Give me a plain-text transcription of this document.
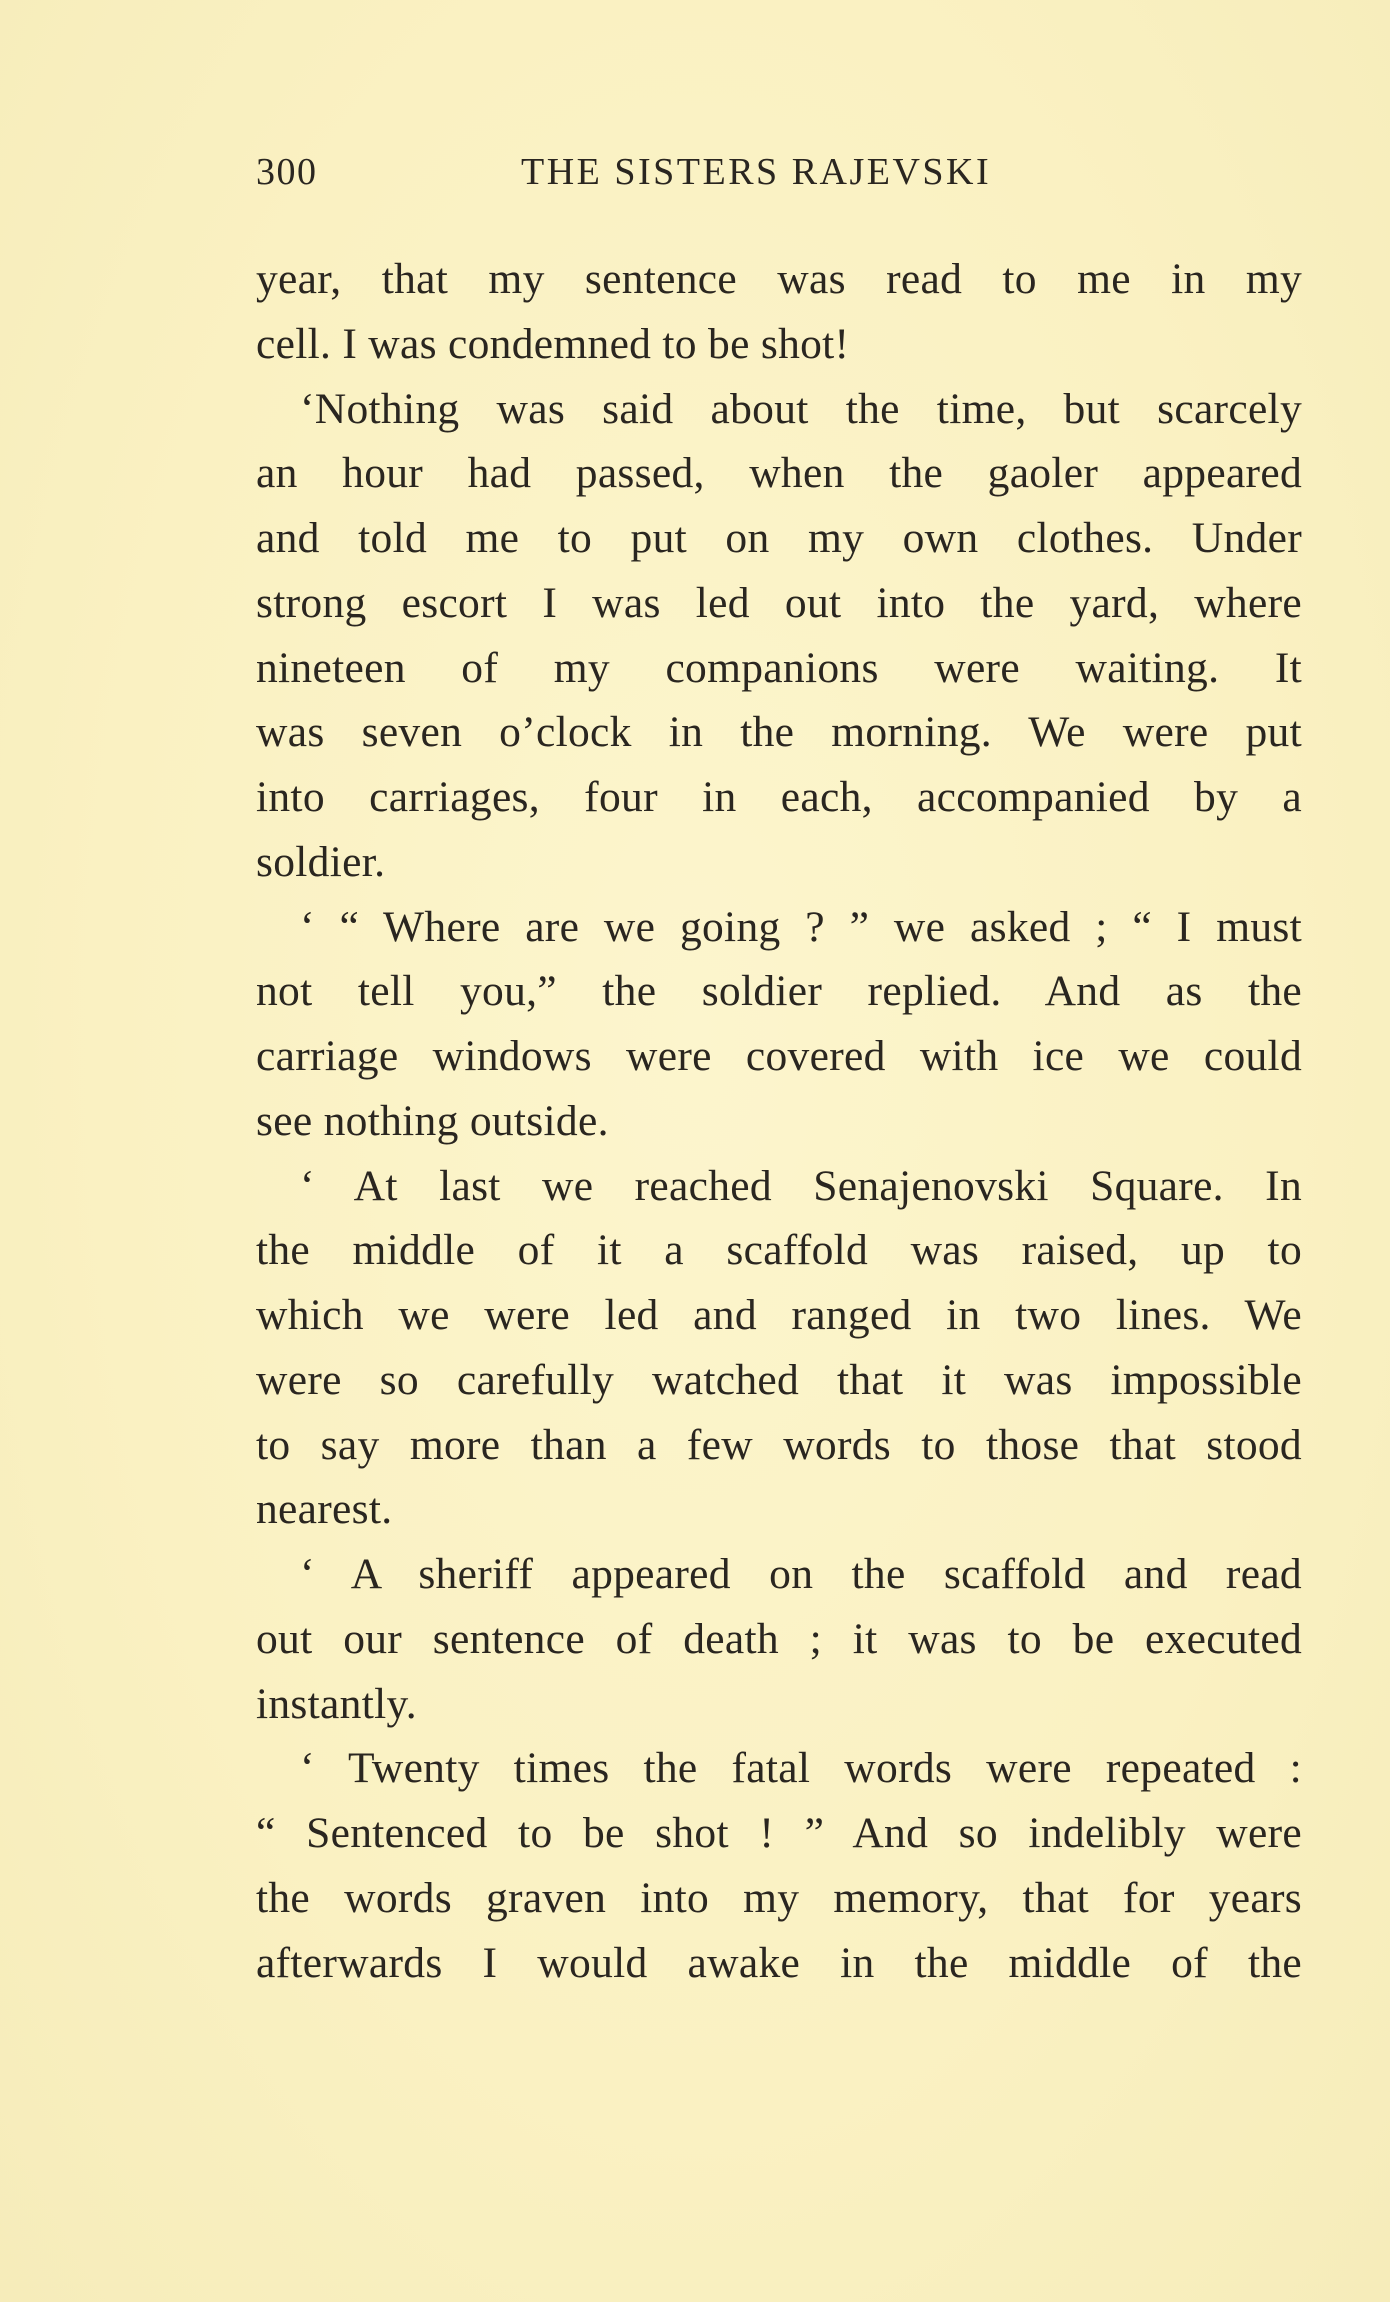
300	THE SISTERS RAJEVSKI
year, that my sentence was read to me in my
cell. I was condemned to be shot!
‘Nothing was said about the time, but scarcely
an hour had passed, when the gaoler appeared
and told me to put on my own clothes. Under
strong escort I was led out into the yard, where
nineteen of my companions were waiting. It
was seven o’clock in the morning. We were put
into carriages, four in each, accompanied by a
soldier.
‘ “ Where are we going ? ” we asked ; “ I must
not tell you,” the soldier replied. And as the
carriage windows were covered with ice we could
see nothing outside.
‘ At last we reached Senajenovski Square. In
the middle of it a scaffold was raised, up to
which we were led and ranged in two lines. We
were so carefully watched that it was impossible
to say more than a few words to those that stood
nearest.
‘ A sheriff appeared on the scaffold and read
out our sentence of death ; it was to be executed
instantly.
‘ Twenty times the fatal words were repeated :
“ Sentenced to be shot ! ” And so indelibly were
the words graven into my memory, that for years
afterwards I would awake in the middle of the
